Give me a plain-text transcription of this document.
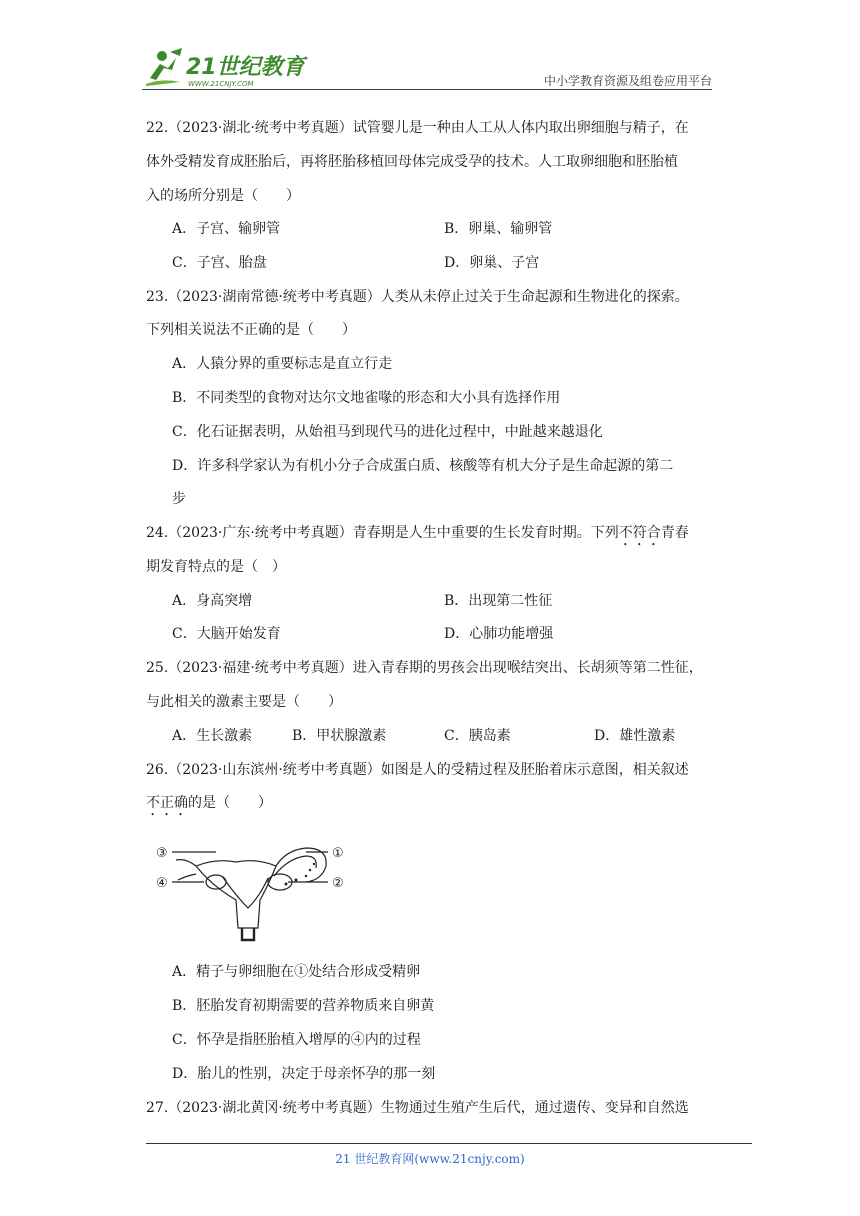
21世纪教育
WWW.21CNJY.COM	中小学教育资源及组卷应用平台
22.（2023·湖北·统考中考真题）试管婴儿是一种由人工从人体内取出卵细胞与精子，在
体外受精发育成胚胎后，再将胚胎移植回母体完成受孕的技术。人工取卵细胞和胚胎植
入的场所分别是（　　）
A．子宫、输卵管	B．卵巢、输卵管
C．子宫、胎盘	D．卵巢、子宫
23.（2023·湖南常德·统考中考真题）人类从未停止过关于生命起源和生物进化的探索。
下列相关说法不正确的是（　　）
A．人猿分界的重要标志是直立行走
B．不同类型的食物对达尔文地雀喙的形态和大小具有选择作用
C．化石证据表明，从始祖马到现代马的进化过程中，中趾越来越退化
D．许多科学家认为有机小分子合成蛋白质、核酸等有机大分子是生命起源的第二
步
24.（2023·广东·统考中考真题）青春期是人生中重要的生长发育时期。下列不符合青春
期发育特点的是（　）
A．身高突增	B．出现第二性征
C．大脑开始发育	D．心肺功能增强
25.（2023·福建·统考中考真题）进入青春期的男孩会出现喉结突出、长胡须等第二性征，
与此相关的激素主要是（　　）
A．生长激素	B．甲状腺激素	C．胰岛素	D．雄性激素
26.（2023·山东滨州·统考中考真题）如图是人的受精过程及胚胎着床示意图，相关叙述
不正确的是（　　）
①
②
③
④
A．精子与卵细胞在①处结合形成受精卵
B．胚胎发育初期需要的营养物质来自卵黄
C．怀孕是指胚胎植入增厚的④内的过程
D．胎儿的性别，决定于母亲怀孕的那一刻
27.（2023·湖北黄冈·统考中考真题）生物通过生殖产生后代，通过遗传、变异和自然选
21 世纪教育网(www.21cnjy.com)
